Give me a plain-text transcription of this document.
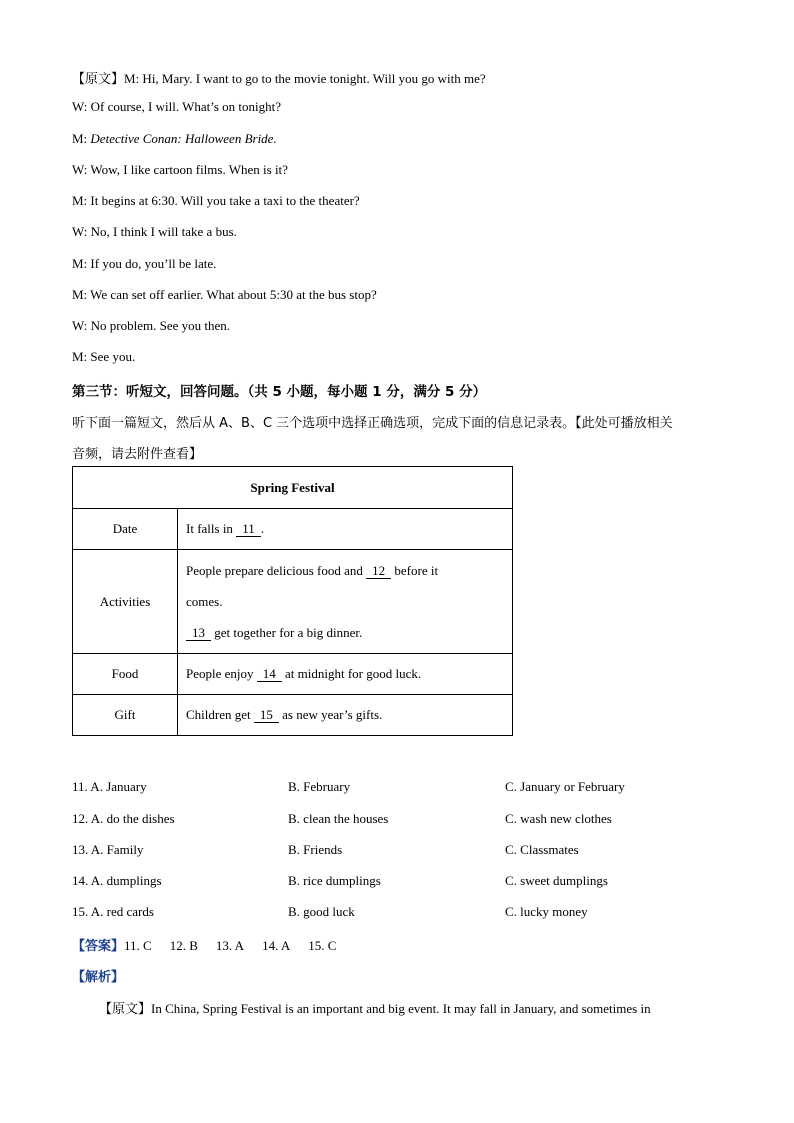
【原文】M: Hi, Mary. I want to go to the movie tonight. Will you go with me?
W: Of course, I will. What’s on tonight?
M: Detective Conan: Halloween Bride.
W: Wow, I like cartoon films. When is it?
M: It begins at 6:30. Will you take a taxi to the theater?
W: No, I think I will take a bus.
M: If you do, you’ll be late.
M: We can set off earlier. What about 5:30 at the bus stop?
W: No problem. See you then.
M: See you.
第三节：听短文，回答问题。（共 5 小题，每小题 1 分，满分 5 分）
听下面一篇短文，然后从 A、B、C 三个选项中选择正确选项，完成下面的信息记录表。【此处可播放相关
音频，请去附件查看】
Spring Festival	
Date	It falls in 11 .
Activities	People prepare delicious food and 12 before it
comes.
13 get together for a big dinner.

Food	People enjoy 14 at midnight for good luck.
Gift	Children get 15 as new year’s gifts.
11. A. January	B. February	C. January or February
12. A. do the dishes	B. clean the houses	C. wash new clothes
13. A. Family	B. Friends	C. Classmates
14. A. dumplings	B. rice dumplings	C. sweet dumplings
15. A. red cards	B. good luck	C. lucky money
【答案】11. C 12. B 13. A 14. A 15. C
【解析】
【原文】In China, Spring Festival is an important and big event. It may fall in January, and sometimes in
